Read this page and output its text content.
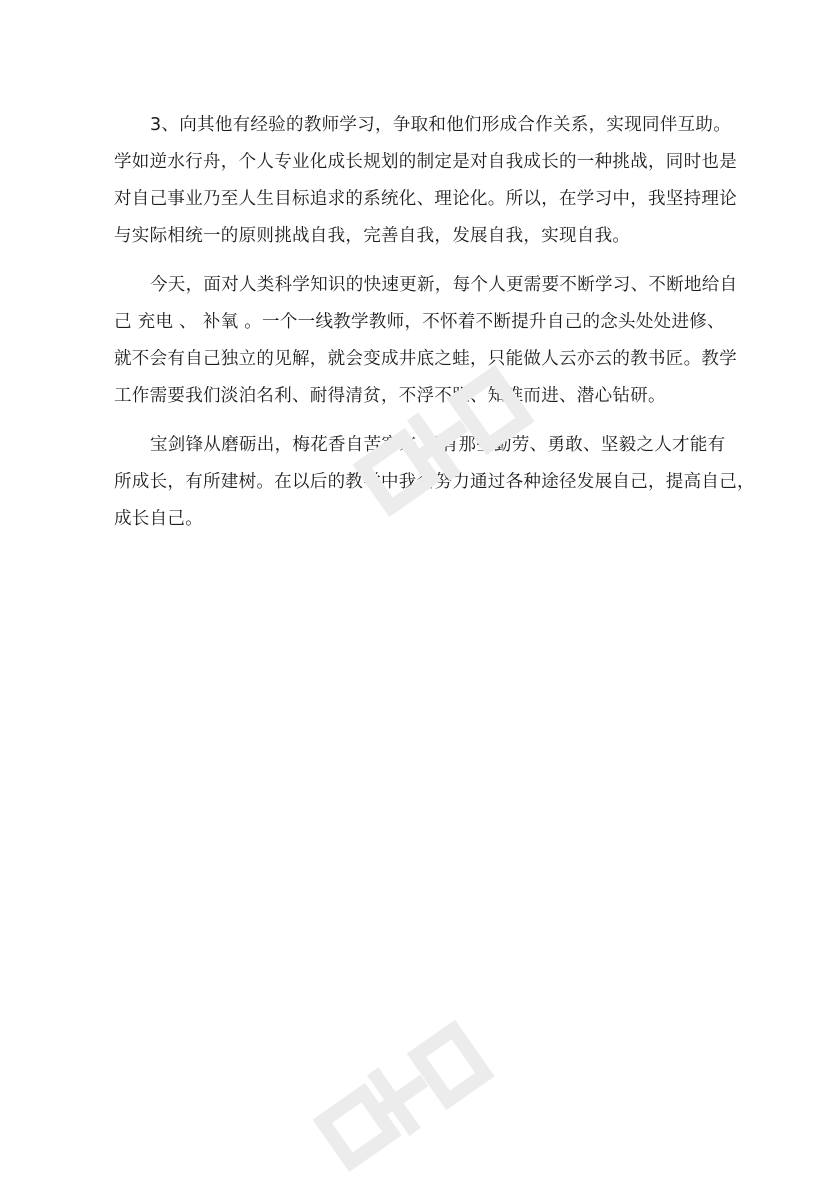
3、向其他有经验的教师学习，争取和他们形成合作关系，实现同伴互助。
学如逆水行舟，个人专业化成长规划的制定是对自我成长的一种挑战，同时也是
对自己事业乃至人生目标追求的系统化、理论化。所以，在学习中，我坚持理论
与实际相统一的原则挑战自我，完善自我，发展自我，实现自我。
今天，面对人类科学知识的快速更新，每个人更需要不断学习、不断地给自
己 充电 、 补氧 。一个一线教学教师，不怀着不断提升自己的念头处处进修、
就不会有自己独立的见解，就会变成井底之蛙，只能做人云亦云的教书匠。教学
工作需要我们淡泊名利、耐得清贫，不浮不躁、知难而进、潜心钻研。
宝剑锋从磨砺出，梅花香自苦寒来 只有那些勤劳、勇敢、坚毅之人才能有
所成长，有所建树。在以后的教学中我会努力通过各种途径发展自己，提高自己，
成长自己。
